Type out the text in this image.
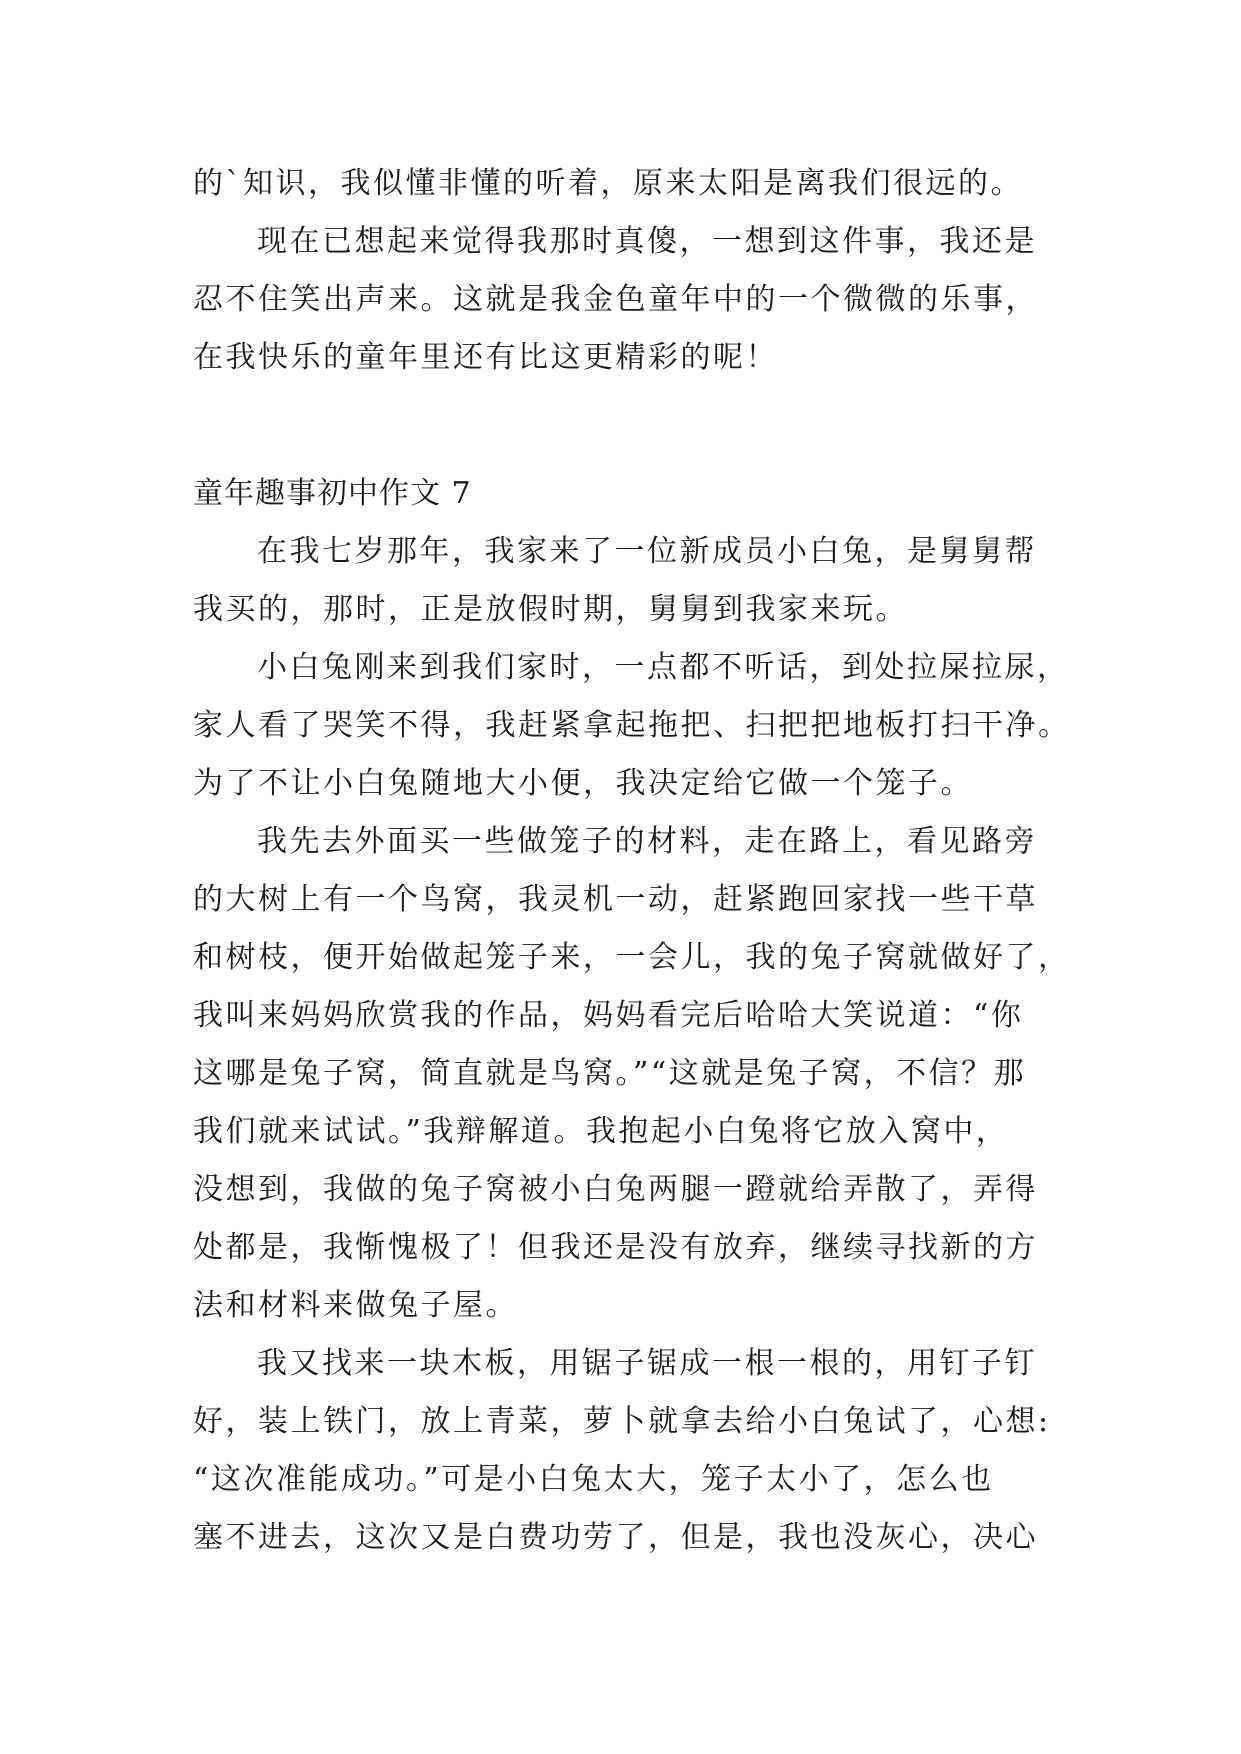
的`知识，我似懂非懂的听着，原来太阳是离我们很远的。
现在已想起来觉得我那时真傻，一想到这件事，我还是
忍不住笑出声来。这就是我金色童年中的一个微微的乐事，
在我快乐的童年里还有比这更精彩的呢！
童年趣事初中作文 7
在我七岁那年，我家来了一位新成员小白兔，是舅舅帮
我买的，那时，正是放假时期，舅舅到我家来玩。
小白兔刚来到我们家时，一点都不听话，到处拉屎拉尿，
家人看了哭笑不得，我赶紧拿起拖把、扫把把地板打扫干净。
为了不让小白兔随地大小便，我决定给它做一个笼子。
我先去外面买一些做笼子的材料，走在路上，看见路旁
的大树上有一个鸟窝，我灵机一动，赶紧跑回家找一些干草
和树枝，便开始做起笼子来，一会儿，我的兔子窝就做好了，
我叫来妈妈欣赏我的作品，妈妈看完后哈哈大笑说道：“你
这哪是兔子窝，简直就是鸟窝。”“这就是兔子窝，不信？那
我们就来试试。”我辩解道。我抱起小白兔将它放入窝中，
没想到，我做的兔子窝被小白兔两腿一蹬就给弄散了，弄得
处都是，我惭愧极了！但我还是没有放弃，继续寻找新的方
法和材料来做兔子屋。
我又找来一块木板，用锯子锯成一根一根的，用钉子钉
好，装上铁门，放上青菜，萝卜就拿去给小白兔试了，心想:
“这次准能成功。”可是小白兔太大，笼子太小了，怎么也
塞不进去，这次又是白费功劳了，但是，我也没灰心，决心
